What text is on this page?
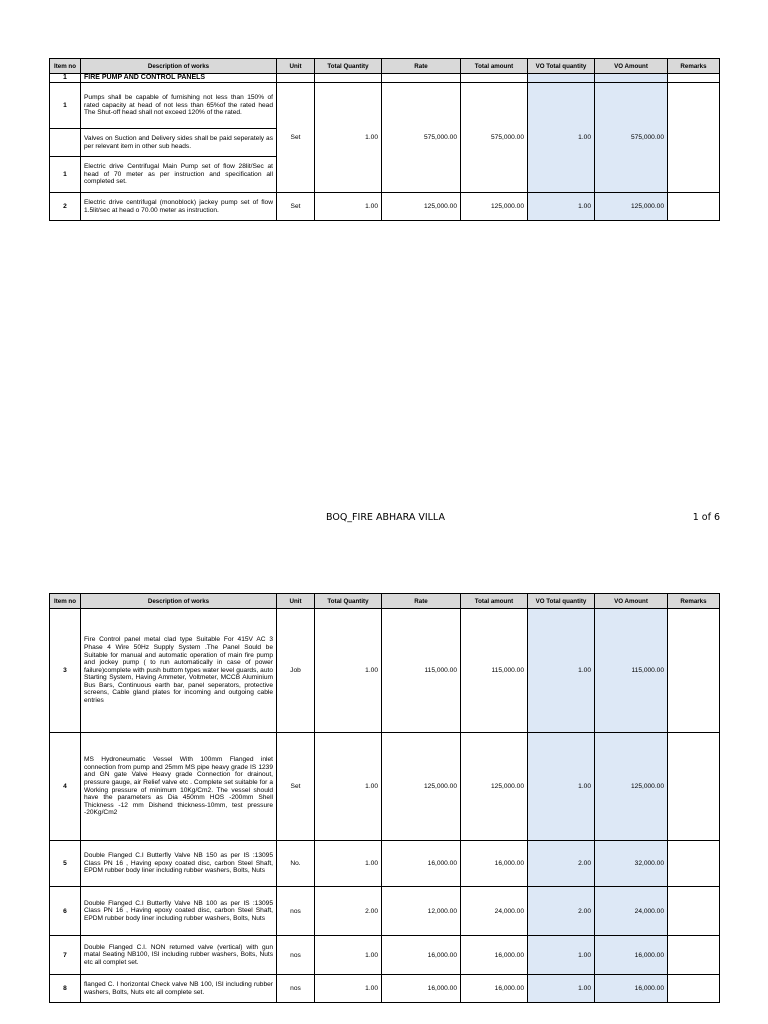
Item no	Description of works	Unit	Total Quantity	Rate	Total amount	VO Total quantity	VO Amount	Remarks
1	FIRE PUMP AND CONTROL PANELS							
1	Pumps shall be capable of furnishing not less than 150% of rated capacity at head of not less than 65%of the rated head The Shut-off head shall not exceed 120% of the rated.	Set	1.00	575,000.00	575,000.00	1.00	575,000.00	
	Valves on Suction and Delivery sides shall be paid seperately as per relevant item in other sub heads.							
1	Electric drive Centrifugal Main Pump set of flow 28lit/Sec at head of 70 meter as per instruction and specification all completed set.							
2	Electric drive centrifugal (monoblock) jackey pump set of flow 1.5lit/sec at head o 70.00 meter as instruction.	Set	1.00	125,000.00	125,000.00	1.00	125,000.00	
BOQ_FIRE ABHARA VILLA	1 of 6
Item no	Description of works	Unit	Total Quantity	Rate	Total amount	VO Total quantity	VO Amount	Remarks
3	Fire Control panel metal clad type Suitable For 415V AC 3 Phase 4 Wire 50Hz Supply System .The Panel Sould be Suitable for manual and automatic operation of main fire pump and jockey pump ( to run automatically in case of power failure)complete with push buttom types water level guards, auto Starting System, Having Ammeter, Voltmeter, MCCB Aluminium Bus Bars, Continuous earth bar, panel seperators, protective screens, Cable gland plates for incoming and outgoing cable entries	Job	1.00	115,000.00	115,000.00	1.00	115,000.00	
4	MS Hydroneumatic Vessel With 100mm Flanged inlet connection from pump and 25mm MS pipe heavy grade IS 1239 and GN gate Valve Heavy grade Connection for drainout, pressure gauge, air Relief valve etc . Complete set suitable for a Working pressure of minimum 10Kg/Cm2. The vessel should have the parameters as Dia 450mm HOS -200mm Shell Thickness -12 mm Dishend thickness-10mm, test pressure -20Kg/Cm2	Set	1.00	125,000.00	125,000.00	1.00	125,000.00	
5	Double Flanged C.I Butterfly Valve NB 150 as per IS :13095 Class PN 16 , Having epoxy coated disc, carbon Steel Shaft, EPDM rubber body liner including rubber washers, Bolts, Nuts	No.	1.00	16,000.00	16,000.00	2.00	32,000.00	
6	Double Flanged C.I Butterfly Valve NB 100 as per IS :13095 Class PN 16 , Having epoxy coated disc, carbon Steel Shaft, EPDM rubber body liner including rubber washers, Bolts, Nuts	nos	2.00	12,000.00	24,000.00	2.00	24,000.00	
7	Double Flanged C.I. NON returned valve (vertical) with gun matal Seating NB100, ISI including rubber washers, Bolts, Nuts etc all complet set.	nos	1.00	16,000.00	16,000.00	1.00	16,000.00	
8	flanged C. I horizontal Check valve NB 100, ISI including rubber washers, Bolts, Nuts etc all complete set.	nos	1.00	16,000.00	16,000.00	1.00	16,000.00	
